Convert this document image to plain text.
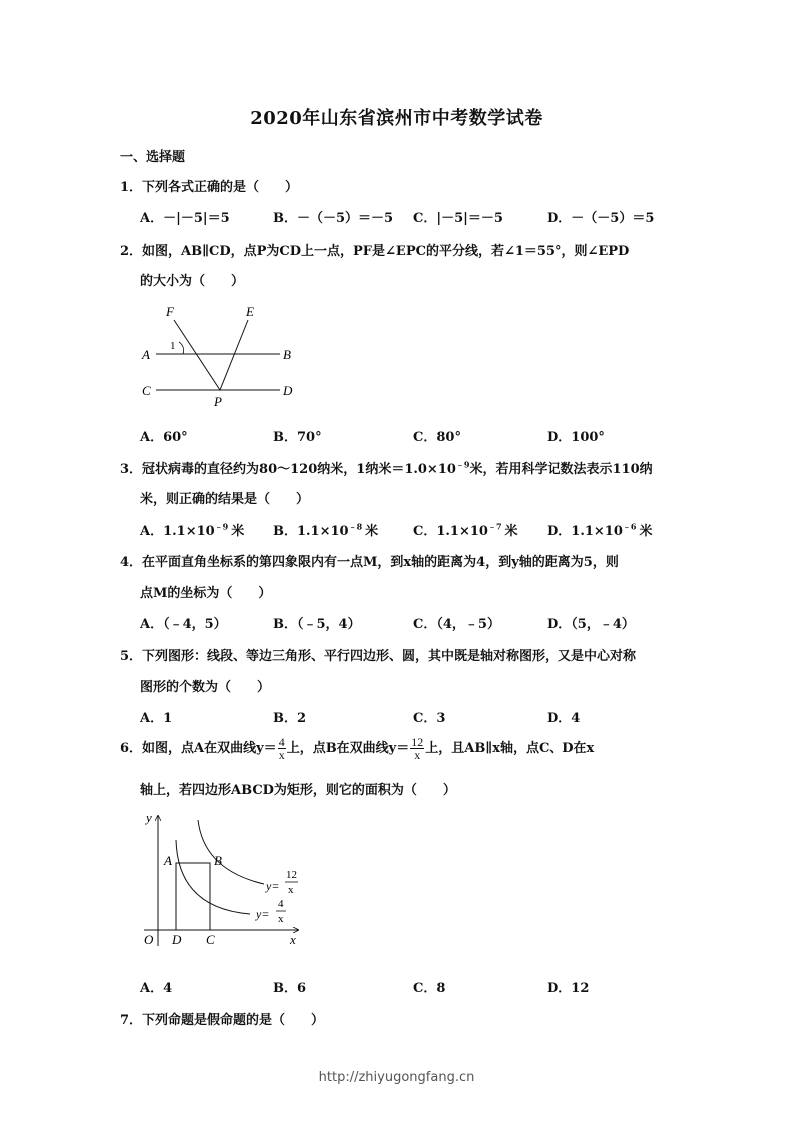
2020年山东省滨州市中考数学试卷
一、选择题
1．下列各式正确的是（　　）
A．－|－5|＝5	B．－（－5）＝－5 C．|－5|＝－5	D．－（－5）＝5
2．如图，AB∥CD，点P为CD上一点，PF是∠EPC的平分线，若∠1＝55°，则∠EPD
的大小为（　　）
F	E
A	B
C	D
P
1
A．60°	B．70°	C．80°	D．100°
3．冠状病毒的直径约为80～120纳米，1纳米$=1.0\times 10^{﹣9}$米，若用科学记数法表示110纳
米，则正确的结果是（　　）
A．$1.1\times 10^{﹣9}$ 米 B．$1.1\times 10^{﹣8}$ 米	C．$1.1\times 10^{﹣7}$ 米 D．$1.1\times 10^{﹣6}$ 米
4．在平面直角坐标系的第四象限内有一点M，到x轴的距离为4，到y轴的距离为5，则
点M的坐标为（　　）
A．（﹣4，5）	B．（﹣5，4）	C．（4，﹣5）	D．（5，﹣4）
5．下列图形：线段、等边三角形、平行四边形、圆，其中既是轴对称图形，又是中心对称
图形的个数为（　　）
A．1	B．2	C．3	D．4
6．如图，点A在双曲线$y= \frac{4}{x}$ 上，点B在双曲线$y= \frac{12}{x}$ 上，且AB∥x轴，点C、D在x
轴上，若四边形ABCD为矩形，则它的面积为（　　）
y
x
O D C
A	B
y=
12
x
y=
4
x
A．4	B．6	C．8	D．12
7．下列命题是假命题的是（　　）
http://zhiyugongfang.cn
